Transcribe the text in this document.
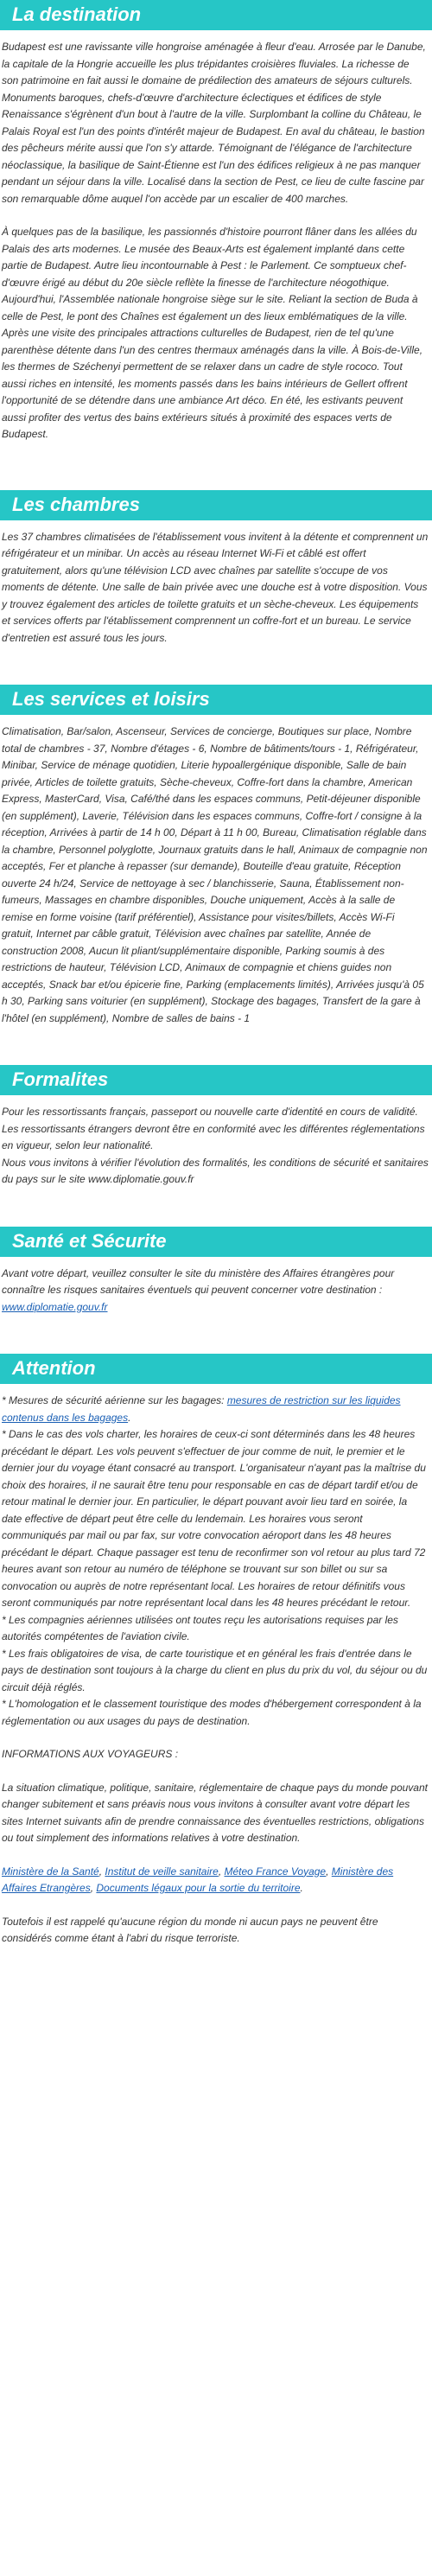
La destination

Budapest est une ravissante ville hongroise aménagée à fleur d'eau. Arrosée par le Danube, la capitale de la Hongrie accueille les plus trépidantes croisières fluviales. La richesse de son patrimoine en fait aussi le domaine de prédilection des amateurs de séjours culturels. Monuments baroques, chefs-d'œuvre d'architecture éclectiques et édifices de style Renaissance s'égrènent d'un bout à l'autre de la ville. Surplombant la colline du Château, le Palais Royal est l'un des points d'intérêt majeur de Budapest. En aval du château, le bastion des pêcheurs mérite aussi que l'on s'y attarde. Témoignant de l'élégance de l'architecture néoclassique, la basilique de Saint-Étienne est l'un des édifices religieux à ne pas manquer pendant un séjour dans la ville. Localisé dans la section de Pest, ce lieu de culte fascine par son remarquable dôme auquel l'on accède par un escalier de 400 marches.

À quelques pas de la basilique, les passionnés d'histoire pourront flâner dans les allées du Palais des arts modernes. Le musée des Beaux-Arts est également implanté dans cette partie de Budapest. Autre lieu incontournable à Pest : le Parlement. Ce somptueux chef-d'œuvre érigé au début du 20e siècle reflète la finesse de l'architecture néogothique. Aujourd'hui, l'Assemblée nationale hongroise siège sur le site. Reliant la section de Buda à celle de Pest, le pont des Chaînes est également un des lieux emblématiques de la ville. Après une visite des principales attractions culturelles de Budapest, rien de tel qu'une parenthèse détente dans l'un des centres thermaux aménagés dans la ville. À Bois-de-Ville, les thermes de Széchenyi permettent de se relaxer dans un cadre de style rococo. Tout aussi riches en intensité, les moments passés dans les bains intérieurs de Gellert offrent l'opportunité de se détendre dans une ambiance Art déco. En été, les estivants peuvent aussi profiter des vertus des bains extérieurs situés à proximité des espaces verts de Budapest.

Les chambres

Les 37 chambres climatisées de l'établissement vous invitent à la détente et comprennent un réfrigérateur et un minibar. Un accès au réseau Internet Wi-Fi et câblé est offert gratuitement, alors qu'une télévision LCD avec chaînes par satellite s'occupe de vos moments de détente. Une salle de bain privée avec une douche est à votre disposition. Vous y trouvez également des articles de toilette gratuits et un sèche-cheveux. Les équipements et services offerts par l'établissement comprennent un coffre-fort et un bureau. Le service d'entretien est assuré tous les jours.

Les services et loisirs

Climatisation, Bar/salon, Ascenseur, Services de concierge, Boutiques sur place, Nombre total de chambres - 37, Nombre d'étages - 6, Nombre de bâtiments/tours - 1, Réfrigérateur, Minibar, Service de ménage quotidien, Literie hypoallergénique disponible, Salle de bain privée, Articles de toilette gratuits, Sèche-cheveux, Coffre-fort dans la chambre, American Express, MasterCard, Visa, Café/thé dans les espaces communs, Petit-déjeuner disponible (en supplément), Laverie, Télévision dans les espaces communs, Coffre-fort / consigne à la réception, Arrivées à partir de 14 h 00, Départ à 11 h 00, Bureau, Climatisation réglable dans la chambre, Personnel polyglotte, Journaux gratuits dans le hall, Animaux de compagnie non acceptés, Fer et planche à repasser (sur demande), Bouteille d'eau gratuite, Réception ouverte 24 h/24, Service de nettoyage à sec / blanchisserie, Sauna, Établissement non-fumeurs, Massages en chambre disponibles, Douche uniquement, Accès à la salle de remise en forme voisine (tarif préférentiel), Assistance pour visites/billets, Accès Wi-Fi gratuit, Internet par câble gratuit, Télévision avec chaînes par satellite, Année de construction 2008, Aucun lit pliant/supplémentaire disponible, Parking soumis à des restrictions de hauteur, Télévision LCD, Animaux de compagnie et chiens guides non acceptés, Snack bar et/ou épicerie fine, Parking (emplacements limités), Arrivées jusqu'à 05 h 30, Parking sans voiturier (en supplément), Stockage des bagages, Transfert de la gare à l'hôtel (en supplément), Nombre de salles de bains - 1

Formalites

Pour les ressortissants français, passeport ou nouvelle carte d'identité en cours de validité.
Les ressortissants étrangers devront être en conformité avec les différentes réglementations en vigueur, selon leur nationalité.
Nous vous invitons à vérifier l'évolution des formalités, les conditions de sécurité et sanitaires du pays sur le site www.diplomatie.gouv.fr

Santé et Sécurite

Avant votre départ, veuillez consulter le site du ministère des Affaires étrangères pour connaître les risques sanitaires éventuels qui peuvent concerner votre destination : www.diplomatie.gouv.fr

Attention

* Mesures de sécurité aérienne sur les bagages: mesures de restriction sur les liquides contenus dans les bagages.
* Dans le cas des vols charter, les horaires de ceux-ci sont déterminés dans les 48 heures précédant le départ. Les vols peuvent s'effectuer de jour comme de nuit, le premier et le dernier jour du voyage étant consacré au transport. L'organisateur n'ayant pas la maîtrise du choix des horaires, il ne saurait être tenu pour responsable en cas de départ tardif et/ou de retour matinal le dernier jour. En particulier, le départ pouvant avoir lieu tard en soirée, la date effective de départ peut être celle du lendemain. Les horaires vous seront communiqués par mail ou par fax, sur votre convocation aéroport dans les 48 heures précédant le départ. Chaque passager est tenu de reconfirmer son vol retour au plus tard 72 heures avant son retour au numéro de téléphone se trouvant sur son billet ou sur sa convocation ou auprès de notre représentant local. Les horaires de retour définitifs vous seront communiqués par notre représentant local dans les 48 heures précédant le retour.
* Les compagnies aériennes utilisées ont toutes reçu les autorisations requises par les autorités compétentes de l'aviation civile.
* Les frais obligatoires de visa, de carte touristique et en général les frais d'entrée dans le pays de destination sont toujours à la charge du client en plus du prix du vol, du séjour ou du circuit déjà réglés.
* L'homologation et le classement touristique des modes d'hébergement correspondent à la réglementation ou aux usages du pays de destination.

INFORMATIONS AUX VOYAGEURS :

La situation climatique, politique, sanitaire, réglementaire de chaque pays du monde pouvant changer subitement et sans préavis nous vous invitons à consulter avant votre départ les sites Internet suivants afin de prendre connaissance des éventuelles restrictions, obligations ou tout simplement des informations relatives à votre destination.

Ministère de la Santé, Institut de veille sanitaire, Méteo France Voyage, Ministère des Affaires Etrangères, Documents légaux pour la sortie du territoire.

Toutefois il est rappelé qu'aucune région du monde ni aucun pays ne peuvent être considérés comme étant à l'abri du risque terroriste.
